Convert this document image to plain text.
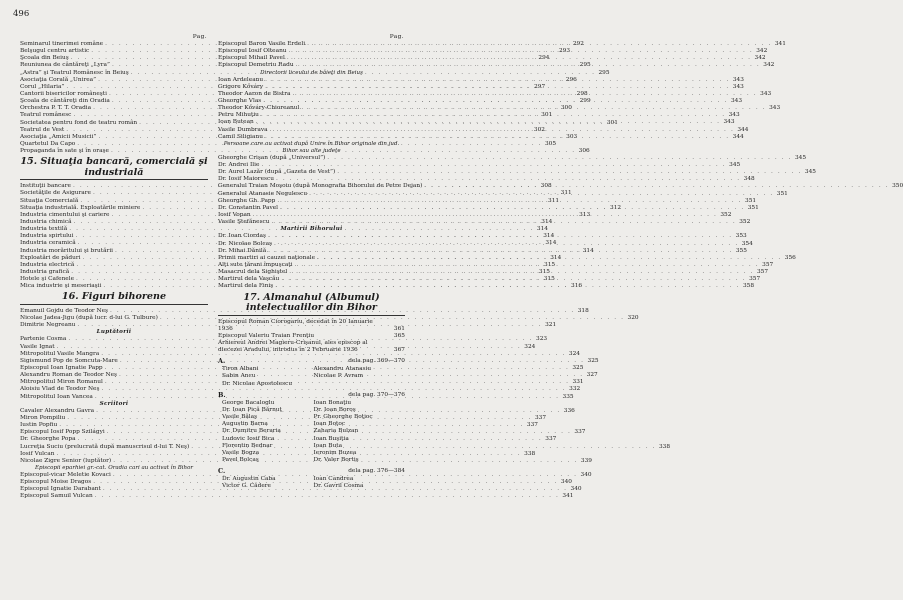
496
Pag.
Seminarul tinerimei române . . .	292
Belşugul centru artistic . . .	293
Şcoala din Beiuş . . .	294
Reuniunea de cântăreţi „Lyra” . . .	295
„Astra” şi Teatrul Românesc în Beiuş . . .	295
Asociaţia Corală „Unirea” . . .	296
Corul „Hilaria” . . .	297
Cantorii bisericilor româneşti . . .	298
Şcoala de cântăreţi din Oradia . . .	299
Orchestra P. T. T. Oradia . . .	300
Teatrul românesc . . .	301
Societatea pentru fond de teatru român . . .	301
Teatrul de Vest . . .	302
Asociaţia „Amicii Musicii” . . .	303
Quartetul Da Capo . . .	305
Propaganda în sate şi în oraşe . . .	306
15. Situaţia bancară, comercială şi industrială
Instituţii bancare . . .	308
Societăţile de Asigurare . . .	311
Situaţia Comercială . . .	311
Situaţia industrială. Exploatările miniere . . .	312
Industria cimentului şi cariere . . .	313
Industria chimică . . .	314
Industria textilă . . .	314
Industria spirtului . . .	314
Industria ceramică . . .	314
Industria morăritului şi brutării . . .	314
Exploatări de păduri . . .	314
Industria electrică . . .	315
Industria grafică . . .	315
Hotele şi Cafenele . . .	315
Mica industrie şi meseriaşii . . .	316
16. Figuri bihorene
Emanuil Gojdu de Teodor Neş . . .	318
Nicolae Jadea-Jigu (după lucr. d-lui G. Tulbure) . . .	320
Dimitrie Negreanu . . .	321
Luptătorii
Partenie Cosma . . .	323
Vasile Ignat . . .	324
Mitropolitul Vasile Mangra . . .	324
Sigismund Pop de Somcuta-Mare . . .	325
Episcopul Ioan Ignatie Papp . . .	325
Alexandru Roman de Teodor Neş . . .	327
Mitropolitul Miron Romanul . . .	331
Aloisiu Vlad de Teodor Neş . . .	332
Mitropolitul Ioan Vancea . . .	335
Scriitori
Cavaler Alexandru Gavra . . .	336
Miron Pompiliu . . .	337
Iustin Popfiu . . .	337
Episcopul Iosif Popp Szilágyi . . .	337
Dr. Gheorghe Popa . . .	337
Lucreţia Suciu (prelucrată după manuscrisul d-lui T. Neş) . . .	338
Iosif Vulcan . . .	338
Nicolae Zigre Senior (luptător) . . .	339
Episcopii eparhiei gr.-cat. Oradia cari au activat în Bihor
Episcopul-vicar Meletie Kovaci . . .	340
Episcopul Moise Dragos . . .	340
Episcopul Ignatie Darabant . . .	340
Episcopul Samuil Vulcan . . .	341
Pag.
Episcopul Baron Vasile Erdeli . . .	341
Episcopul Iosif Olteanu . . .	342
Episcopul Mihail Pavel . . .	342
Episcopul Demetriu Radu . . .	342
Directorii liceului de băieţi din Beiuş
Ioan Ardeleanu . . .	343
Grigore Kőváry . . .	343
Theodor Aaron de Bistra . . .	343
Gheorghe Vlas . . .	343
Theodor Kőváry-Chioreanul . . .	343
Petru Mihuţiu . . .	343
Ioan Butean . . .	343
Vasile Dumbrava . . .	344
Camil Siligianu . . .	344
Persoane care au activat după Unire în Bihor originale din jud. Bihor sau alte judeţe
Gheorghe Crişan (după „Universul”) . . .	345
Dr. Andrei Ilie . . .	345
Dr. Aurel Lazăr (după „Gazeta de Vest”) . . .	345
Dr. Iosif Maiorescu . . .	348
Generalul Traian Moşoiu (după Monografia Bihorului de Petre Dejan) . . .	350
Generalul Atanasie Negulescu . . .	351
Gheorghe Gh. Papp . . .	351
Dr. Constantin Pavel . . .	351
Iosif Vopan . . .	352
Vasile Ştefănescu . . .	352
Martirii Bihorului
Dr. Ioan Ciordaş . . .	353
Dr. Nicolae Bolcaş . . .	354
Dr. Mihai Dănilă . . .	355
Primii martiri ai cauzei naţionale . . .	356
Alţi sute ţărani împuşcaţi . . .	357
Masacrul dela Sighiştel . . .	357
Martirul dela Vaşcău . . .	357
Martirul dela Finiş . . .	358
17. Almanahul (Albumul) intelectualilor din Bihor
Episcopul Roman Ciorogariu, decedat în 20 Ianuarie 1936	361
Episcopul Valeriu Traian Frenţiu	365
Arhiereul Andrei Magieru-Crişanul, ales episcop al diecezei Aradului, introdus în 2 Februarie 1936	367
A.	dela pag. 369—370
Tiron Albani	Alexandru Atanasiu
Sabin Ancu	Nicolae P. Avram
Dr. Nicolae Apostolescu
B.	dela pag. 370—376
George Bacaloglu	Ioan Bonaţiu
Dr. Ioan Pică Bărnuţ	Dr. Ioan Boroş
Vasile Bălaş	Pr. Gheorghe Boţioc
Augustin Barna	Ioan Boţoc
Dr. Dumitru Beraria	Zaharia Bulzan
Ludovic Iosif Bica	Ioan Buşiţia
Florentin Bednar	Ioan Buta
Vasile Bogza	Ieronim Buzea
Pavel Bolcaş	Dr. Valer Bortiş
C.	dela pag. 376—384
Dr. Augustin Caba	Ioan Candrea
Victor G. Cădere	Dr. Gavril Cosma
